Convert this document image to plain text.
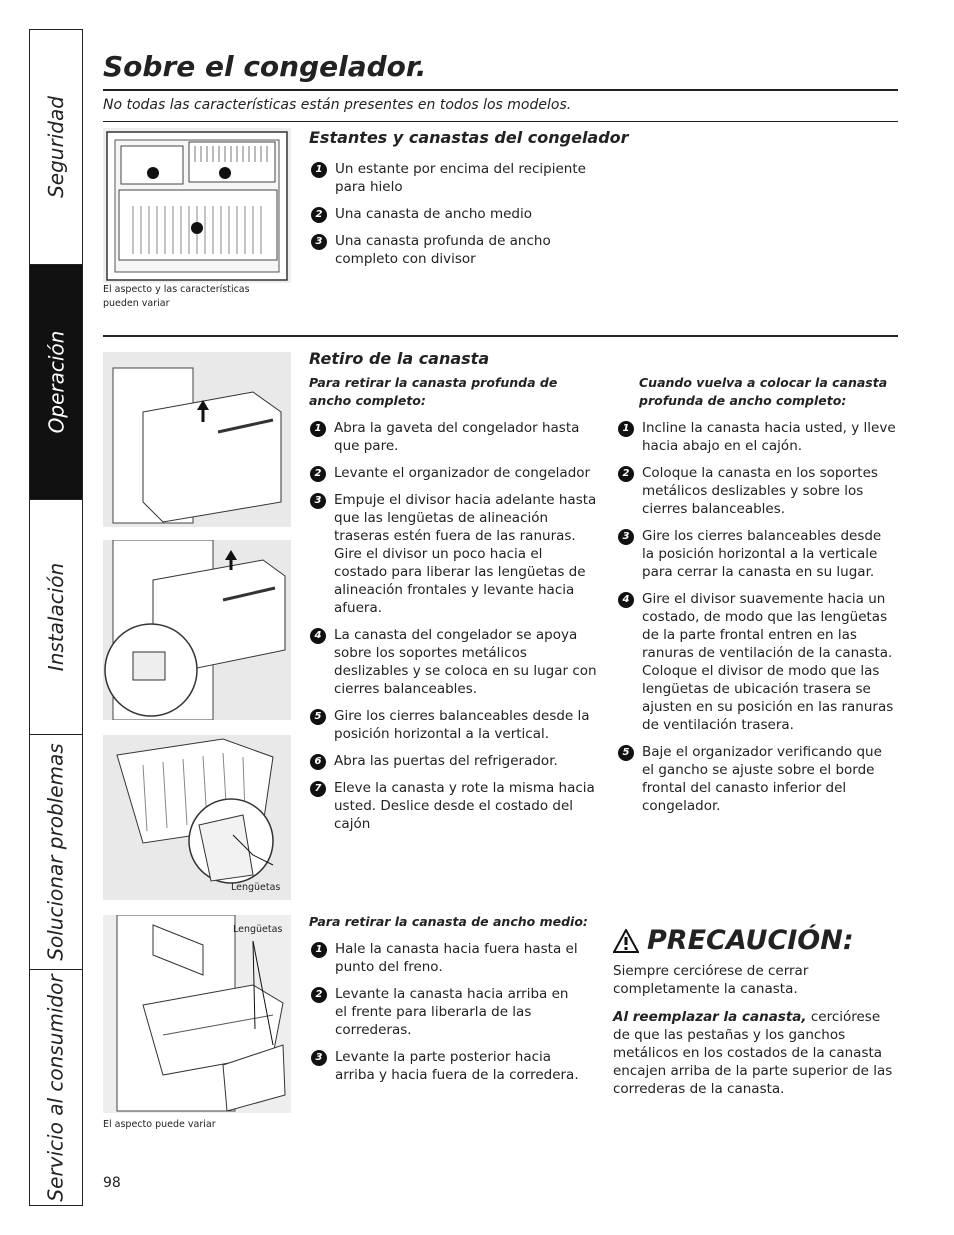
Seguridad
Operación
Instalación
Solucionar problemas
Servicio al consumidor
Sobre el congelador.
No todas las características están presentes en todos los modelos.
El aspecto y las características pueden variar
Estantes y canastas del congelador
1 Un estante por encima del recipiente para hielo
2 Una canasta de ancho medio
3 Una canasta profunda de ancho completo con divisor
Lengüetas
Retiro de la canasta
Para retirar la canasta profunda de ancho completo:
1 Abra la gaveta del congelador hasta que pare.
2 Levante el organizador de congelador
3 Empuje el divisor hacia adelante hasta que las lengüetas de alineación traseras estén fuera de las ranuras. Gire el divisor un poco hacia el costado para liberar las lengüetas de alineación frontales y levante hacia afuera.
4 La canasta del congelador se apoya sobre los soportes metálicos deslizables y se coloca en su lugar con cierres balanceables.
5 Gire los cierres balanceables desde la posición horizontal a la vertical.
6 Abra las puertas del refrigerador.
7 Eleve la canasta y rote la misma hacia usted. Deslice desde el costado del cajón
Cuando vuelva a colocar la canasta profunda de ancho completo:
1 Incline la canasta hacia usted, y lleve hacia abajo en el cajón.
2 Coloque la canasta en los soportes metálicos deslizables y sobre los cierres balanceables.
3 Gire los cierres balanceables desde la posición horizontal a la verticale para cerrar la canasta en su lugar.
4 Gire el divisor suavemente hacia un costado, de modo que las lengüetas de la parte frontal entren en las ranuras de ventilación de la canasta. Coloque el divisor de modo que las lengüetas de ubicación trasera se ajusten en su posición en las ranuras de ventilación trasera.
5 Baje el organizador verificando que el gancho se ajuste sobre el borde frontal del canasto inferior del congelador.
Lengüetas
El aspecto puede variar
Para retirar la canasta de ancho medio:
1 Hale la canasta hacia fuera hasta el punto del freno.
2 Levante la canasta hacia arriba en el frente para liberarla de las correderas.
3 Levante la parte posterior hacia arriba y hacia fuera de la corredera.
PRECAUCIÓN:
Siempre cerciórese de cerrar completamente la canasta.
Al reemplazar la canasta, cerciórese de que las pestañas y los ganchos metálicos en los costados de la canasta encajen arriba de la parte superior de las correderas de la canasta.
98
